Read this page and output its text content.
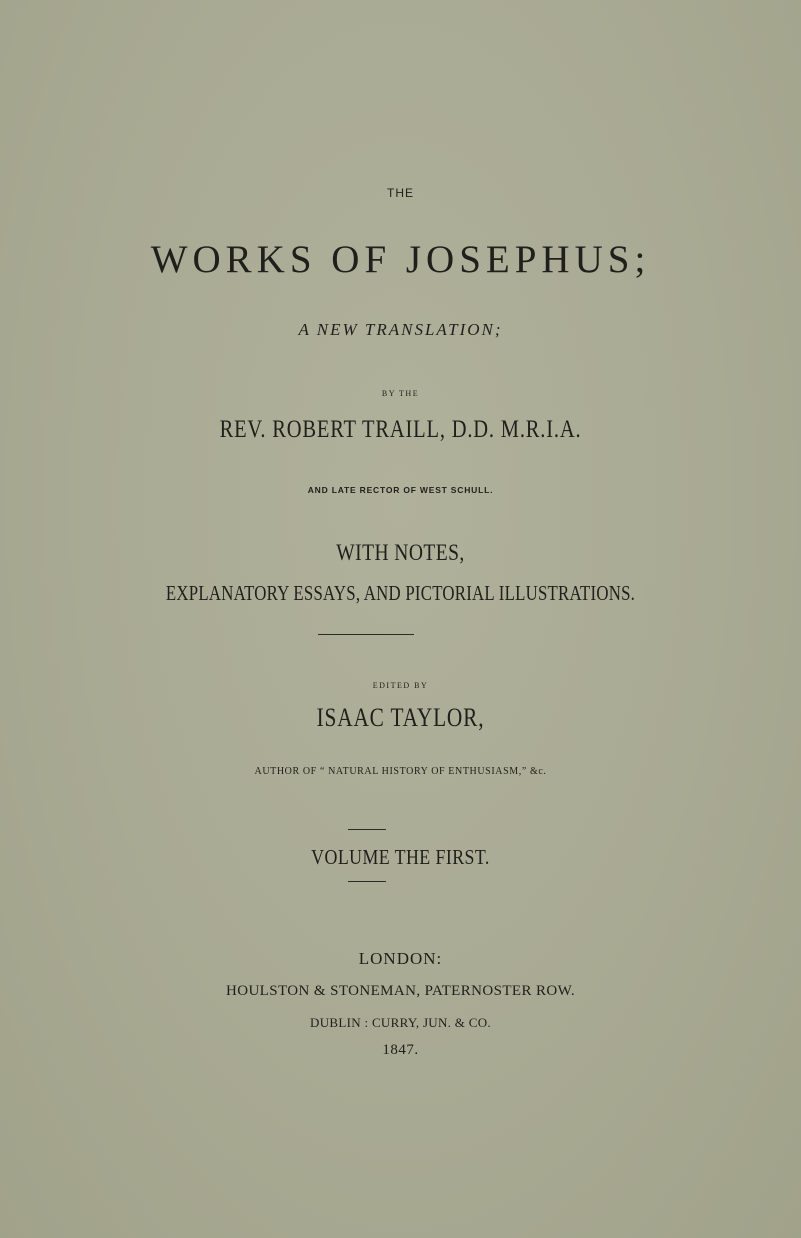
THE
WORKS OF JOSEPHUS;
A NEW TRANSLATION;
BY THE
REV. ROBERT TRAILL, D.D. M.R.I.A.
AND LATE RECTOR OF WEST SCHULL.
WITH NOTES,
EXPLANATORY ESSAYS, AND PICTORIAL ILLUSTRATIONS.
EDITED BY
ISAAC TAYLOR,
AUTHOR OF “ NATURAL HISTORY OF ENTHUSIASM,” &c.
VOLUME THE FIRST.
LONDON:
HOULSTON & STONEMAN, PATERNOSTER ROW.
DUBLIN : CURRY, JUN. & CO.
1847.
